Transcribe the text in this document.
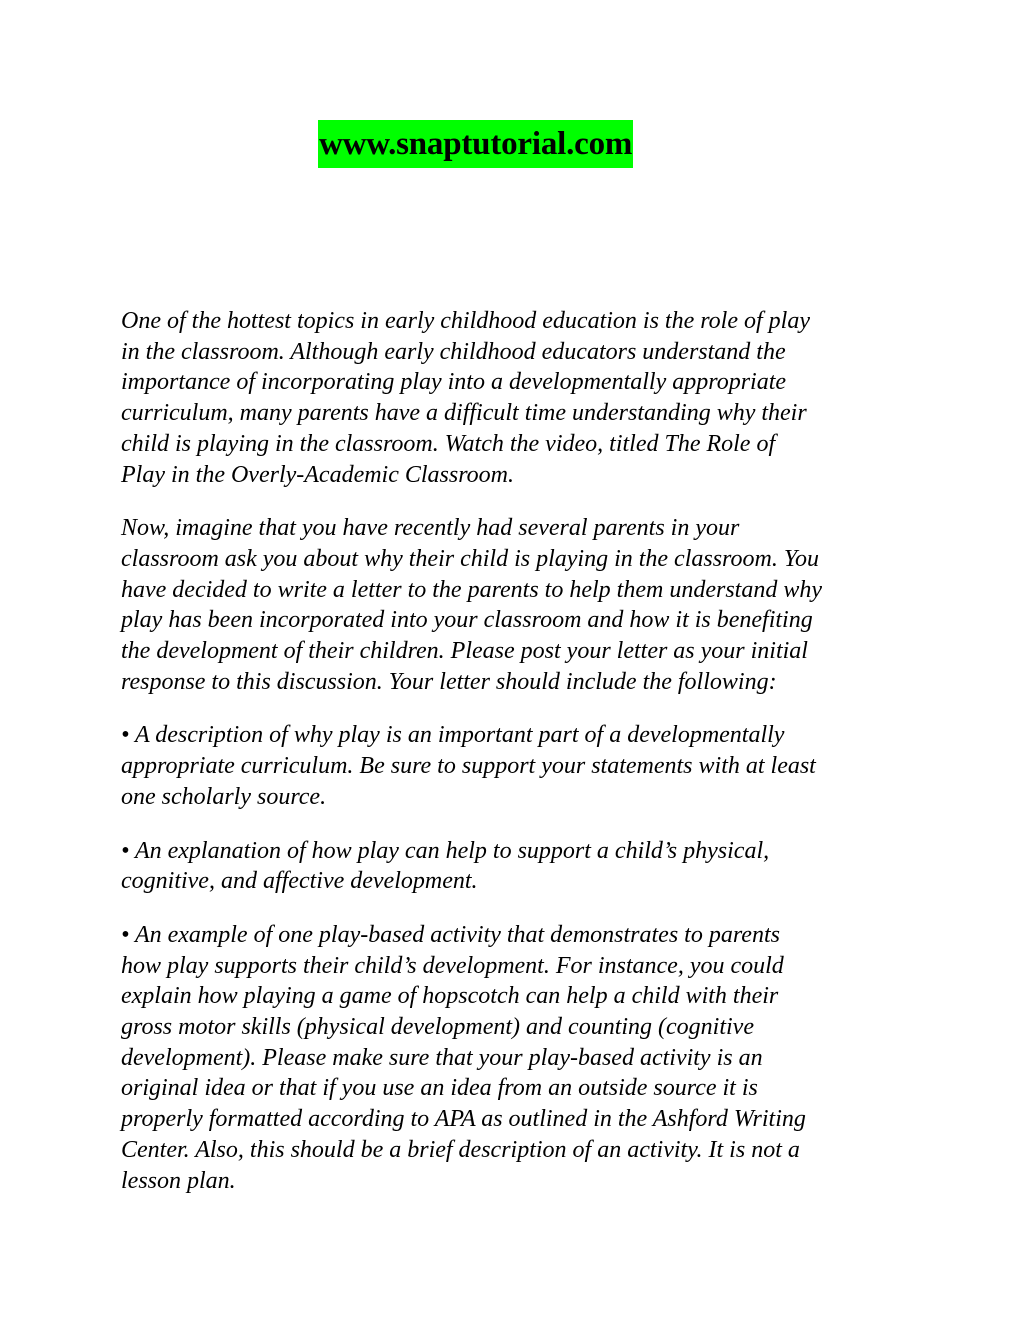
www.snaptutorial.com

One of the hottest topics in early childhood education is the role of play
in the classroom. Although early childhood educators understand the
importance of incorporating play into a developmentally appropriate
curriculum, many parents have a difficult time understanding why their
child is playing in the classroom. Watch the video, titled The Role of
Play in the Overly-Academic Classroom.

Now, imagine that you have recently had several parents in your
classroom ask you about why their child is playing in the classroom. You
have decided to write a letter to the parents to help them understand why
play has been incorporated into your classroom and how it is benefiting
the development of their children. Please post your letter as your initial
response to this discussion. Your letter should include the following:

• A description of why play is an important part of a developmentally
appropriate curriculum. Be sure to support your statements with at least
one scholarly source.

• An explanation of how play can help to support a child’s physical,
cognitive, and affective development.

• An example of one play-based activity that demonstrates to parents
how play supports their child’s development. For instance, you could
explain how playing a game of hopscotch can help a child with their
gross motor skills (physical development) and counting (cognitive
development). Please make sure that your play-based activity is an
original idea or that if you use an idea from an outside source it is
properly formatted according to APA as outlined in the Ashford Writing
Center. Also, this should be a brief description of an activity. It is not a
lesson plan.
